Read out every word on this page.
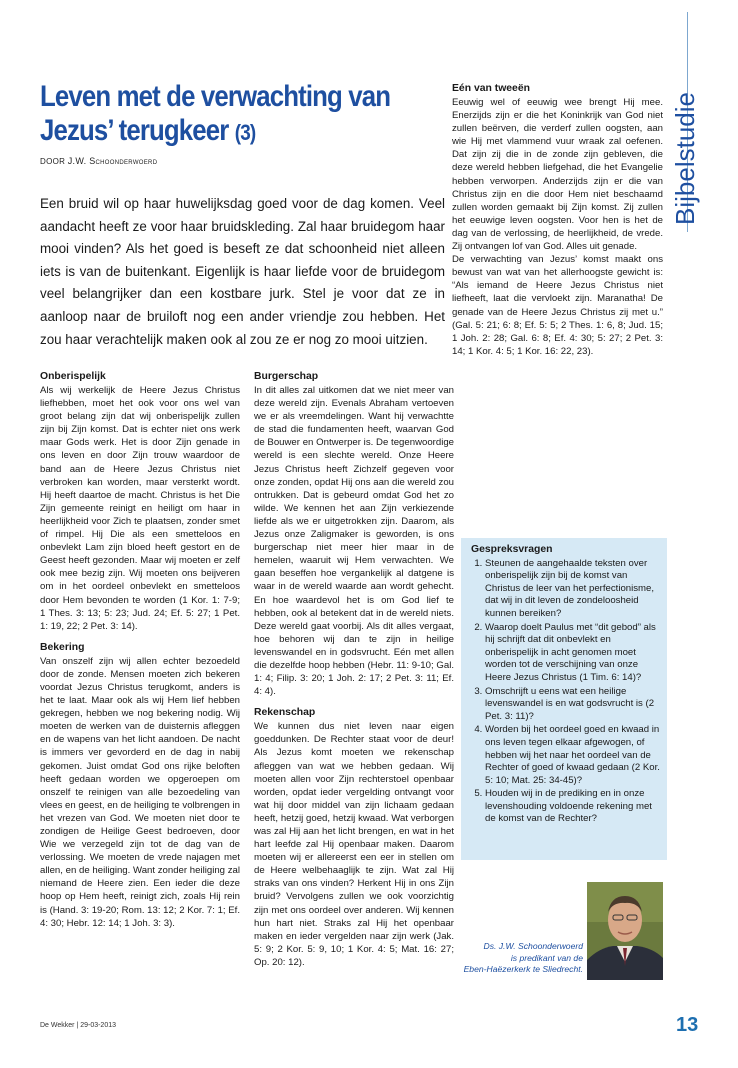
Bijbelstudie
Leven met de verwachting van
Jezus’ terugkeer (3)
DOOR J.W. Schoonderwoerd
Een bruid wil op haar huwelijksdag goed voor de dag komen. Veel aandacht heeft ze voor haar bruidskleding. Zal haar bruidegom haar mooi vinden? Als het goed is beseft ze dat schoonheid niet alleen iets is van de buitenkant. Eigenlijk is haar liefde voor de bruidegom veel belangrijker dan een kostbare jurk. Stel je voor dat ze in aanloop naar de bruiloft nog een ander vriendje zou hebben. Het zou haar verachtelijk maken ook al zou ze er nog zo mooi uitzien.
Onberispelijk

Als wij werkelijk de Heere Jezus Christus liefhebben, moet het ook voor ons wel van groot belang zijn dat wij onberispelijk zullen zijn bij Zijn komst. Dat is echter niet ons werk maar Gods werk. Het is door Zijn genade in ons leven en door Zijn trouw waardoor de band aan de Heere Jezus Christus niet verbroken kan worden, maar versterkt wordt. Hij heeft daartoe de macht. Christus is het Die Zijn gemeente reinigt en heiligt om haar in heerlijkheid voor Zich te plaatsen, zonder smet of rimpel. Hij Die als een smetteloos en onbevlekt Lam zijn bloed heeft gestort en de Geest heeft gezonden. Maar wij moeten er zelf ook mee bezig zijn. Wij moeten ons beijveren om in het oordeel onbevlekt en smetteloos door Hem bevonden te worden (1 Kor. 1: 7-9; 1 Thes. 3: 13; 5: 23; Jud. 24; Ef. 5: 27; 1 Pet. 1: 19, 22; 2 Pet. 3: 14).

Bekering

Van onszelf zijn wij allen echter bezoedeld door de zonde. Mensen moeten zich bekeren voordat Jezus Christus terugkomt, anders is het te laat. Maar ook als wij Hem lief hebben gekregen, hebben we nog bekering nodig. Wij moeten de werken van de duisternis afleggen en de wapens van het licht aandoen. De nacht is immers ver gevorderd en de dag in nabij gekomen. Juist omdat God ons rijke beloften heeft gedaan worden we opgeroepen om onszelf te reinigen van alle bezoedeling van vlees en geest, en de heiliging te volbrengen in het vrezen van God. We moeten niet door te zondigen de Heilige Geest bedroeven, door Wie we verzegeld zijn tot de dag van de verlossing. We moeten de vrede najagen met allen, en de heiliging. Want zonder heiliging zal niemand de Heere zien. Een ieder die deze hoop op Hem heeft, reinigt zich, zoals Hij rein is (Hand. 3: 19-20; Rom. 13: 12; 2 Kor. 7: 1; Ef. 4: 30; Hebr. 12: 14; 1 Joh. 3: 3).

Burgerschap

In dit alles zal uitkomen dat we niet meer van deze wereld zijn. Evenals Abraham vertoeven we er als vreemdelingen. Want hij verwachtte de stad die fundamenten heeft, waarvan God de Bouwer en Ontwerper is. De tegenwoordige wereld is een slechte wereld. Onze Heere Jezus Christus heeft Zichzelf gegeven voor onze zonden, opdat Hij ons aan die wereld zou ontrukken. Dat is gebeurd omdat God het zo wilde. We kennen het aan Zijn verkiezende liefde als we er uitgetrokken zijn. Daarom, als Jezus onze Zaligmaker is geworden, is ons burgerschap niet meer hier maar in de hemelen, waaruit wij Hem verwachten. We gaan beseffen hoe vergankelijk al datgene is waar in de wereld waarde aan wordt gehecht. En hoe waardevol het is om God lief te hebben, ook al betekent dat in de wereld niets. Deze wereld gaat voorbij. Als dit alles vergaat, hoe behoren wij dan te zijn in heilige levenswandel en in godsvrucht. Eén met allen die dezelfde hoop hebben (Hebr. 11: 9-10; Gal. 1: 4; Filip. 3: 20; 1 Joh. 2: 17; 2 Pet. 3: 11; Ef. 4: 4).

Rekenschap

We kunnen dus niet leven naar eigen goeddunken. De Rechter staat voor de deur! Als Jezus komt moeten we rekenschap afleggen van wat we hebben gedaan. Wij moeten allen voor Zijn rechterstoel openbaar worden, opdat ieder vergelding ontvangt voor wat hij door middel van zijn lichaam gedaan heeft, hetzij goed, hetzij kwaad. Wat verborgen was zal Hij aan het licht brengen, en wat in het hart leefde zal Hij openbaar maken. Daarom moeten wij er allereerst een eer in stellen om de Heere welbehaaglijk te zijn. Wat zal Hij straks van ons vinden? Herkent Hij in ons Zijn bruid? Vervolgens zullen we ook voorzichtig zijn met ons oordeel over anderen. Wij kennen hun hart niet. Straks zal Hij het openbaar maken en ieder vergelden naar zijn werk (Jak. 5: 9; 2 Kor. 5: 9, 10; 1 Kor. 4: 5; Mat. 16: 27; Op. 20: 12).

Eén van tweeën

Eeuwig wel of eeuwig wee brengt Hij mee. Enerzijds zijn er die het Koninkrijk van God niet zullen beërven, die verderf zullen oogsten, aan wie Hij met vlammend vuur wraak zal oefenen. Dat zijn zij die in de zonde zijn gebleven, die deze wereld hebben liefgehad, die het Evangelie hebben verworpen. Anderzijds zijn er die van Christus zijn en die door Hem niet beschaamd zullen worden gemaakt bij Zijn komst. Zij zullen het eeuwige leven oogsten. Voor hen is het de dag van de verlossing, de heerlijkheid, de vrede. Zij ontvangen lof van God. Alles uit genade.

De verwachting van Jezus’ komst maakt ons bewust van wat van het allerhoogste gewicht is: “Als iemand de Heere Jezus Christus niet liefheeft, laat die vervloekt zijn. Maranatha! De genade van de Heere Jezus Christus zij met u.” (Gal. 5: 21; 6: 8; Ef. 5: 5; 2 Thes. 1: 6, 8; Jud. 15; 1 Joh. 2: 28; Gal. 6: 8; Ef. 4: 30; 5: 27; 2 Pet. 3: 14; 1 Kor. 4: 5; 1 Kor. 16: 22, 23).

Gespreksvragen
1. Steunen de aangehaalde teksten over onberispelijk zijn bij de komst van Christus de leer van het perfectionisme, dat wij in dit leven de zondeloosheid kunnen bereiken?
2. Waarop doelt Paulus met “dit gebod” als hij schrijft dat dit onbevlekt en onberispelijk in acht genomen moet worden tot de verschijning van onze Heere Jezus Christus (1 Tim. 6: 14)?
3. Omschrijft u eens wat een heilige levenswandel is en wat godsvrucht is (2 Pet. 3: 11)?
4. Worden bij het oordeel goed en kwaad in ons leven tegen elkaar afgewogen, of hebben wij het naar het oordeel van de Rechter of goed of kwaad gedaan (2 Kor. 5: 10; Mat. 25: 34-45)?
5. Houden wij in de prediking en in onze levenshouding voldoende rekening met de komst van de Rechter?
Ds. J.W. Schoonderwoerd
is predikant van de
Eben-Haëzerkerk te Sliedrecht.
De Wekker | 29-03-2013	13
